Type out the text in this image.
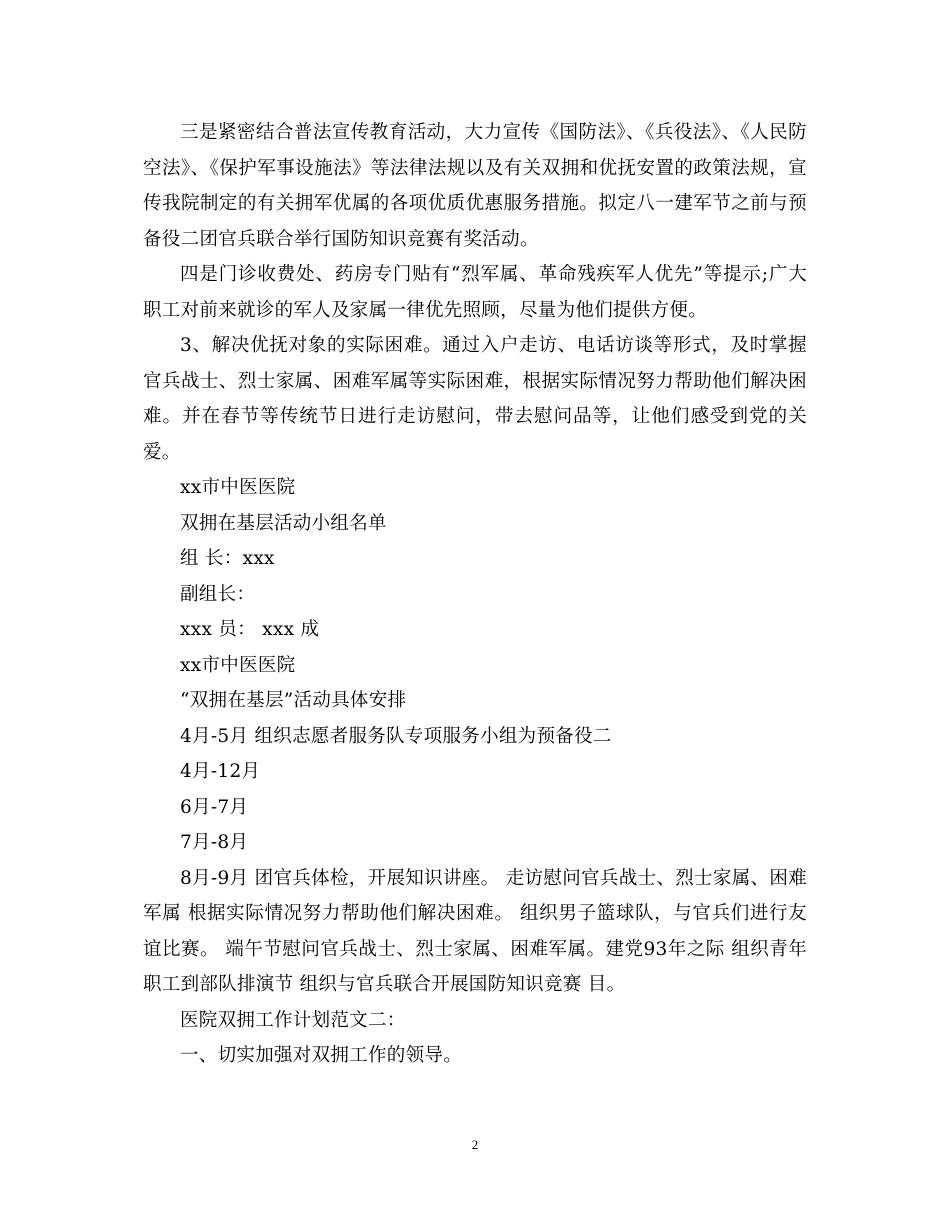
三是紧密结合普法宣传教育活动，大力宣传《国防法》、《兵役法》、《人民防空法》、《保护军事设施法》等法律法规以及有关双拥和优抚安置的政策法规，宣传我院制定的有关拥军优属的各项优质优惠服务措施。拟定八一建军节之前与预备役二团官兵联合举行国防知识竞赛有奖活动。

四是门诊收费处、药房专门贴有“烈军属、革命残疾军人优先”等提示;广大职工对前来就诊的军人及家属一律优先照顾，尽量为他们提供方便。

3、解决优抚对象的实际困难。通过入户走访、电话访谈等形式，及时掌握官兵战士、烈士家属、困难军属等实际困难，根据实际情况努力帮助他们解决困难。并在春节等传统节日进行走访慰问，带去慰问品等，让他们感受到党的关爱。

xx市中医医院

双拥在基层活动小组名单

组 长：xxx

副组长：

xxx 员： xxx 成

xx市中医医院

“双拥在基层”活动具体安排

4月-5月 组织志愿者服务队专项服务小组为预备役二

4月-12月

6月-7月

7月-8月

8月-9月 团官兵体检，开展知识讲座。 走访慰问官兵战士、烈士家属、困难军属 根据实际情况努力帮助他们解决困难。 组织男子篮球队，与官兵们进行友谊比赛。 端午节慰问官兵战士、烈士家属、困难军属。建党93年之际 组织青年职工到部队排演节 组织与官兵联合开展国防知识竞赛 目。

医院双拥工作计划范文二：

一、切实加强对双拥工作的领导。

2
